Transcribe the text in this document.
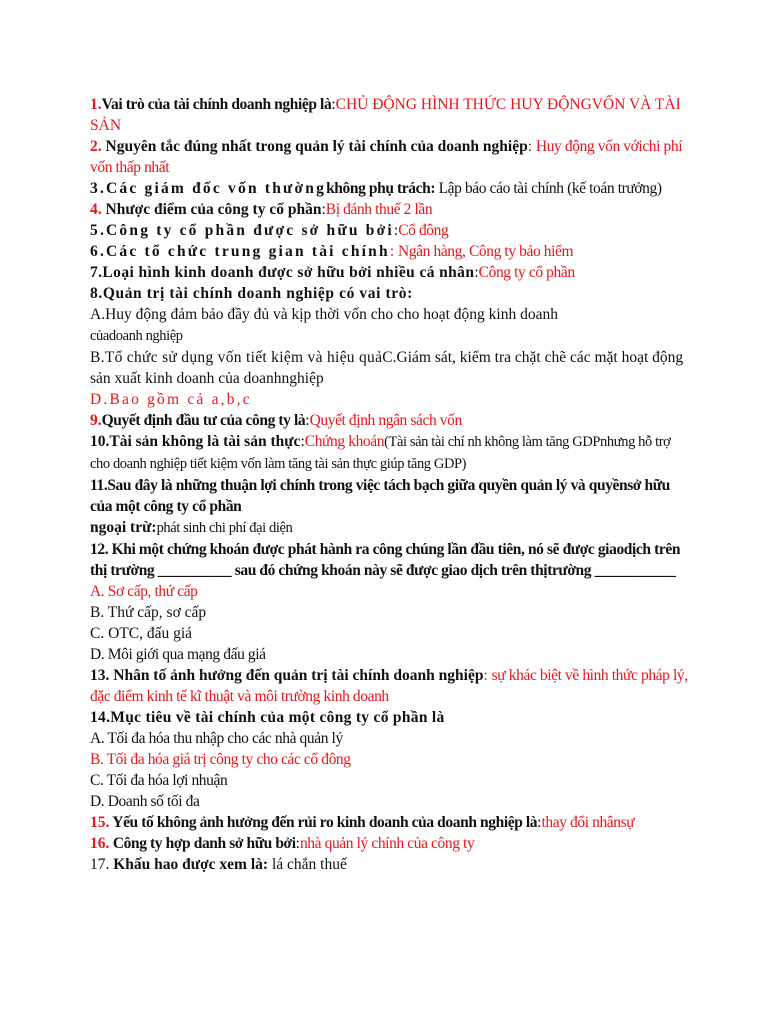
1.Vai trò của tài chính doanh nghiệp là:CHỦ ĐỘNG HÌNH THỨC HUY ĐỘNGVỐN VÀ TÀI SẢN
2. Nguyên tắc đúng nhất trong quản lý tài chính của doanh nghiệp: Huy động vốn vớichi phí vốn thấp nhất
3.Các giám đốc vốn thườngkhông phụ trách: Lập báo cáo tài chính (kế toán trưởng)
4. Nhược điểm của công ty cổ phần:Bị đánh thuế 2 lần
5.Công ty cổ phần được sở hữu bởi:Cổ đông
6.Các tổ chức trung gian tài chính: Ngân hàng, Công ty bảo hiểm
7.Loại hình kinh doanh được sở hữu bởi nhiều cá nhân:Công ty cổ phần
8.Quản trị tài chính doanh nghiệp có vai trò:
A.Huy động đảm bảo đầy đủ và kịp thời vốn cho cho hoạt động kinh doanh
củadoanh nghiệp
B.Tổ chức sử dụng vốn tiết kiệm và hiệu quảC.Giám sát, kiểm tra chặt chẽ các mặt hoạt động sản xuất kinh doanh của doanhnghiệp
D.Bao gồm cả a,b,c
9.Quyết định đầu tư của công ty là:Quyết định ngân sách vốn
10.Tài sản không là tài sản thực:Chứng khoán(Tài sản tài chí nh không làm tăng GDPnhưng hỗ trợ cho doanh nghiệp tiết kiệm vốn làm tăng tài sản thực giúp tăng GDP)
11.Sau đây là những thuận lợi chính trong việc tách bạch giữa quyền quản lý và quyềnsở hữu của một công ty cổ phần
ngoại trừ:phát sinh chi phí đại diện
12. Khi một chứng khoán được phát hành ra công chúng lần đầu tiên, nó sẽ được giaodịch trên thị trường __________ sau đó chứng khoán này sẽ được giao dịch trên thịtrường ___________
A. Sơ cấp, thứ cấp
B. Thứ cấp, sơ cấp
C. OTC, đấu giá
D. Môi giới qua mạng đấu giá
13. Nhân tố ảnh hưởng đến quản trị tài chính doanh nghiệp: sự khác biệt về hình thức pháp lý, đặc điểm kinh tế kĩ thuật và môi trường kinh doanh
14.Mục tiêu về tài chính của một công ty cổ phần là
A. Tối đa hóa thu nhập cho các nhà quản lý
B. Tối đa hóa giá trị công ty cho các cổ đông
C. Tối đa hóa lợi nhuận
D. Doanh số tối đa
15. Yếu tố không ảnh hưởng đến rủi ro kinh doanh của doanh nghiệp là:thay đổi nhânsự
16. Công ty hợp danh sở hữu bởi:nhà quản lý chính của công ty
17. Khấu hao được xem là: lá chắn thuế
